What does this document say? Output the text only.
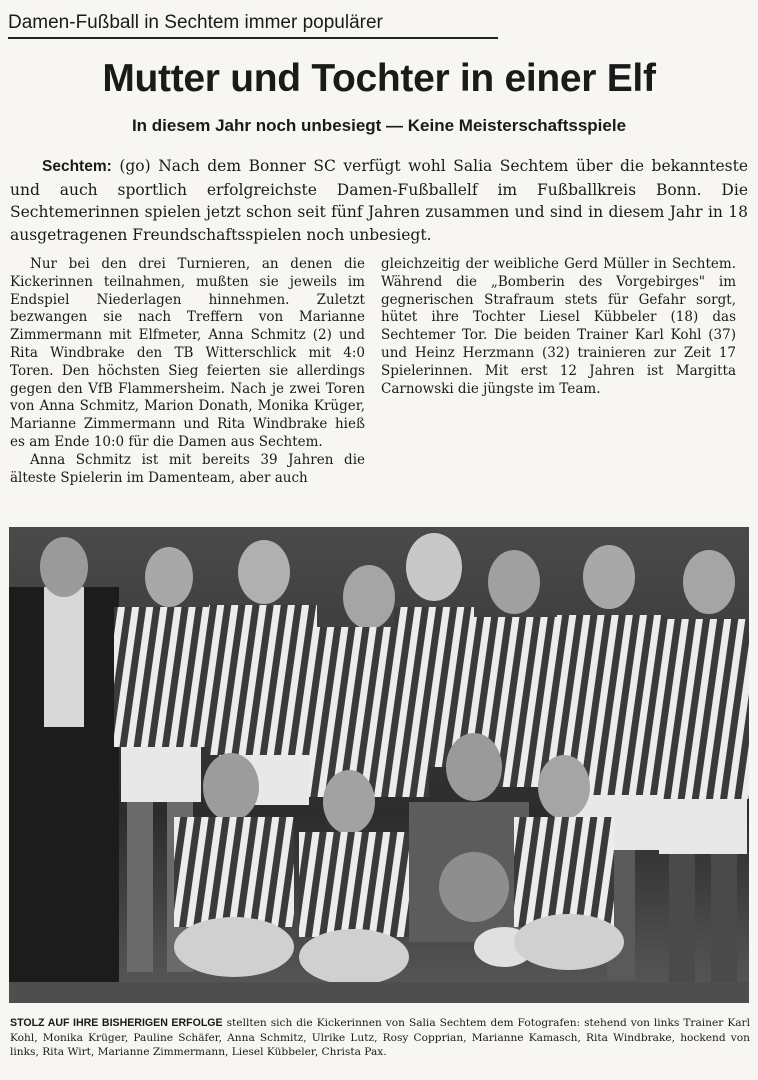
Damen-Fußball in Sechtem immer populärer
Mutter und Tochter in einer Elf
In diesem Jahr noch unbesiegt — Keine Meisterschaftsspiele

Sechtem: (go) Nach dem Bonner SC verfügt wohl Salia Sechtem über die bekannteste und auch sportlich erfolgreichste Damen-Fußballelf im Fußballkreis Bonn. Die Sechtemerinnen spielen jetzt schon seit fünf Jahren zusammen und sind in diesem Jahr in 18 ausgetragenen Freundschaftsspielen noch unbesiegt.

Nur bei den drei Turnieren, an denen die Kickerinnen teilnahmen, mußten sie jeweils im Endspiel Niederlagen hinnehmen. Zuletzt bezwangen sie nach Treffern von Marianne Zimmermann mit Elfmeter, Anna Schmitz (2) und Rita Windbrake den TB Witterschlick mit 4:0 Toren. Den höchsten Sieg feierten sie allerdings gegen den VfB Flammersheim. Nach je zwei Toren von Anna Schmitz, Marion Donath, Monika Krüger, Marianne Zimmermann und Rita Windbrake hieß es am Ende 10:0 für die Damen aus Sechtem.

Anna Schmitz ist mit bereits 39 Jahren die älteste Spielerin im Damenteam, aber auch

gleichzeitig der weibliche Gerd Müller in Sechtem. Während die „Bomberin des Vorgebirges" im gegnerischen Strafraum stets für Gefahr sorgt, hütet ihre Tochter Liesel Kübbeler (18) das Sechtemer Tor. Die beiden Trainer Karl Kohl (37) und Heinz Herzmann (32) trainieren zur Zeit 17 Spielerinnen. Mit erst 12 Jahren ist Margitta Carnowski die jüngste im Team.

STOLZ AUF IHRE BISHERIGEN ERFOLGE stellten sich die Kickerinnen von Salia Sechtem dem Fotografen: stehend von links Trainer Karl Kohl, Monika Krüger, Pauline Schäfer, Anna Schmitz, Ulrike Lutz, Rosy Copprian, Marianne Kamasch, Rita Windbrake, hockend von links, Rita Wirt, Marianne Zimmermann, Liesel Kübbeler, Christa Pax.
